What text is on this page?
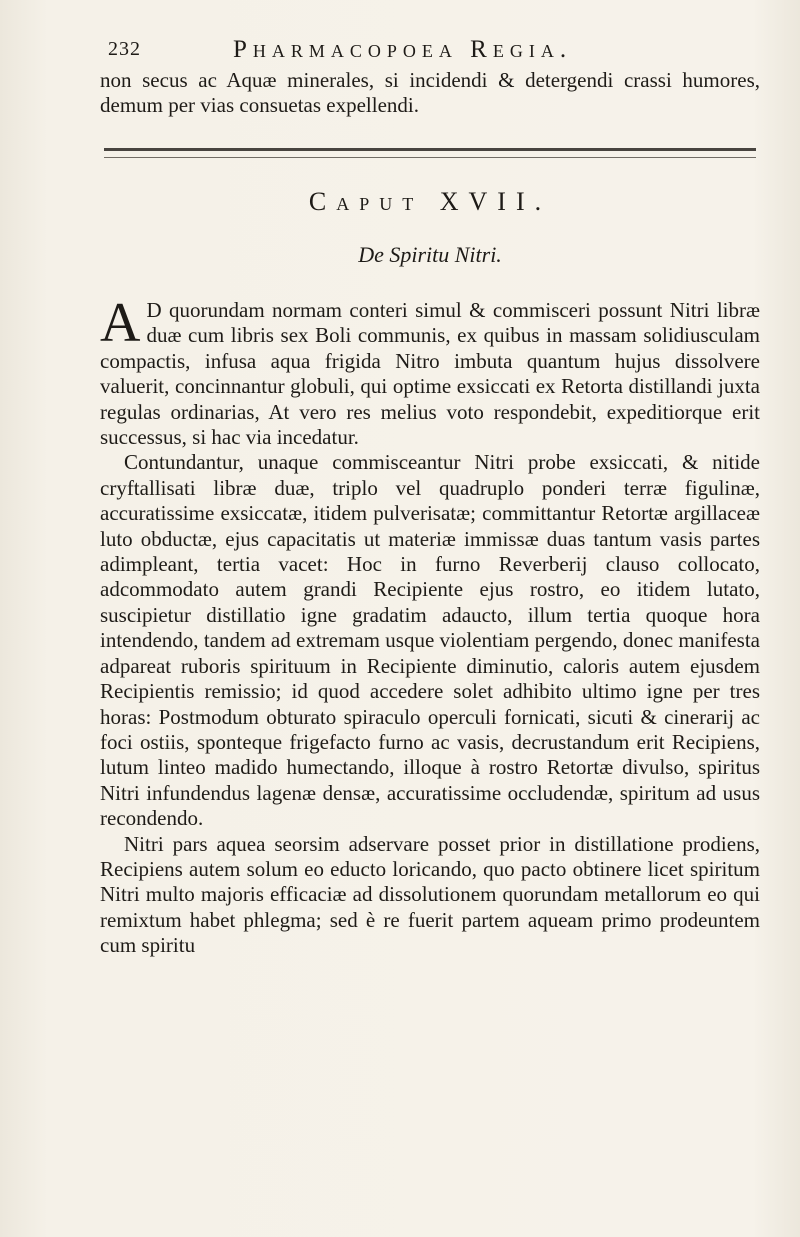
232	Pharmacopoea Regia.

non secus ac Aquæ minerales, si incidendi & detergendi crassi humores, demum per vias consuetas expellendi.

Caput XVII.
De Spiritu Nitri.

A D quorundam normam conteri simul & commisceri possunt Nitri libræ duæ cum libris sex Boli communis, ex quibus in massam solidiusculam compactis, infusa aqua frigida Nitro imbuta quantum hujus dissolvere valuerit, concinnantur globuli, qui optime exsiccati ex Retorta distillandi juxta regulas ordinarias, At vero res melius voto respondebit, expeditiorque erit successus, si hac via incedatur.

Contundantur, unaque commisceantur Nitri probe exsiccati, & nitide cryftallisati libræ duæ, triplo vel quadruplo ponderi terræ figulinæ, accuratissime exsiccatæ, itidem pulverisatæ; committantur Retortæ argillaceæ luto obductæ, ejus capacitatis ut materiæ immissæ duas tantum vasis partes adimpleant, tertia vacet: Hoc in furno Reverberij clauso collocato, adcommodato autem grandi Recipiente ejus rostro, eo itidem lutato, suscipietur distillatio igne gradatim adaucto, illum tertia quoque hora intendendo, tandem ad extremam usque violentiam pergendo, donec manifesta adpareat ruboris spirituum in Recipiente diminutio, caloris autem ejusdem Recipientis remissio; id quod accedere solet adhibito ultimo igne per tres horas: Postmodum obturato spiraculo operculi fornicati, sicuti & cinerarij ac foci ostiis, sponteque frigefacto furno ac vasis, decrustandum erit Recipiens, lutum linteo madido humectando, illoque à rostro Retortæ divulso, spiritus Nitri infundendus lagenæ densæ, accuratissime occludendæ, spiritum ad usus recondendo.

Nitri pars aquea seorsim adservare posset prior in distillatione prodiens, Recipiens autem solum eo educto loricando, quo pacto obtinere licet spiritum Nitri multo majoris efficaciæ ad dissolutionem quorundam metallorum eo qui remixtum habet phlegma; sed è re fuerit partem aqueam primo prodeuntem cum spiritu
